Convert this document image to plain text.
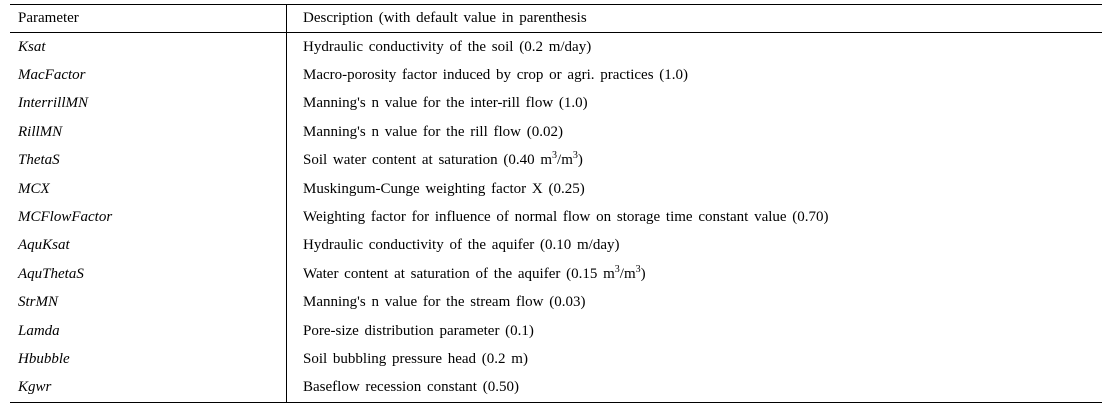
Parameter	Description (with default value in parenthesis
Ksat	Hydraulic conductivity of the soil (0.2 m/day)
MacFactor	Macro-porosity factor induced by crop or agri. practices (1.0)
InterrillMN	Manning's n value for the inter-rill flow (1.0)
RillMN	Manning's n value for the rill flow (0.02)
ThetaS	Soil water content at saturation (0.40 $m^3/m^3$)
MCX	Muskingum-Cunge weighting factor X (0.25)
MCFlowFactor	Weighting factor for influence of normal flow on storage time constant value (0.70)
AquKsat	Hydraulic conductivity of the aquifer (0.10 m/day)
AquThetaS	Water content at saturation of the aquifer (0.15 $m^3/m^3$)
StrMN	Manning's n value for the stream flow (0.03)
Lamda	Pore-size distribution parameter (0.1)
Hbubble	Soil bubbling pressure head (0.2 m)
Kgwr	Baseflow recession constant (0.50)
